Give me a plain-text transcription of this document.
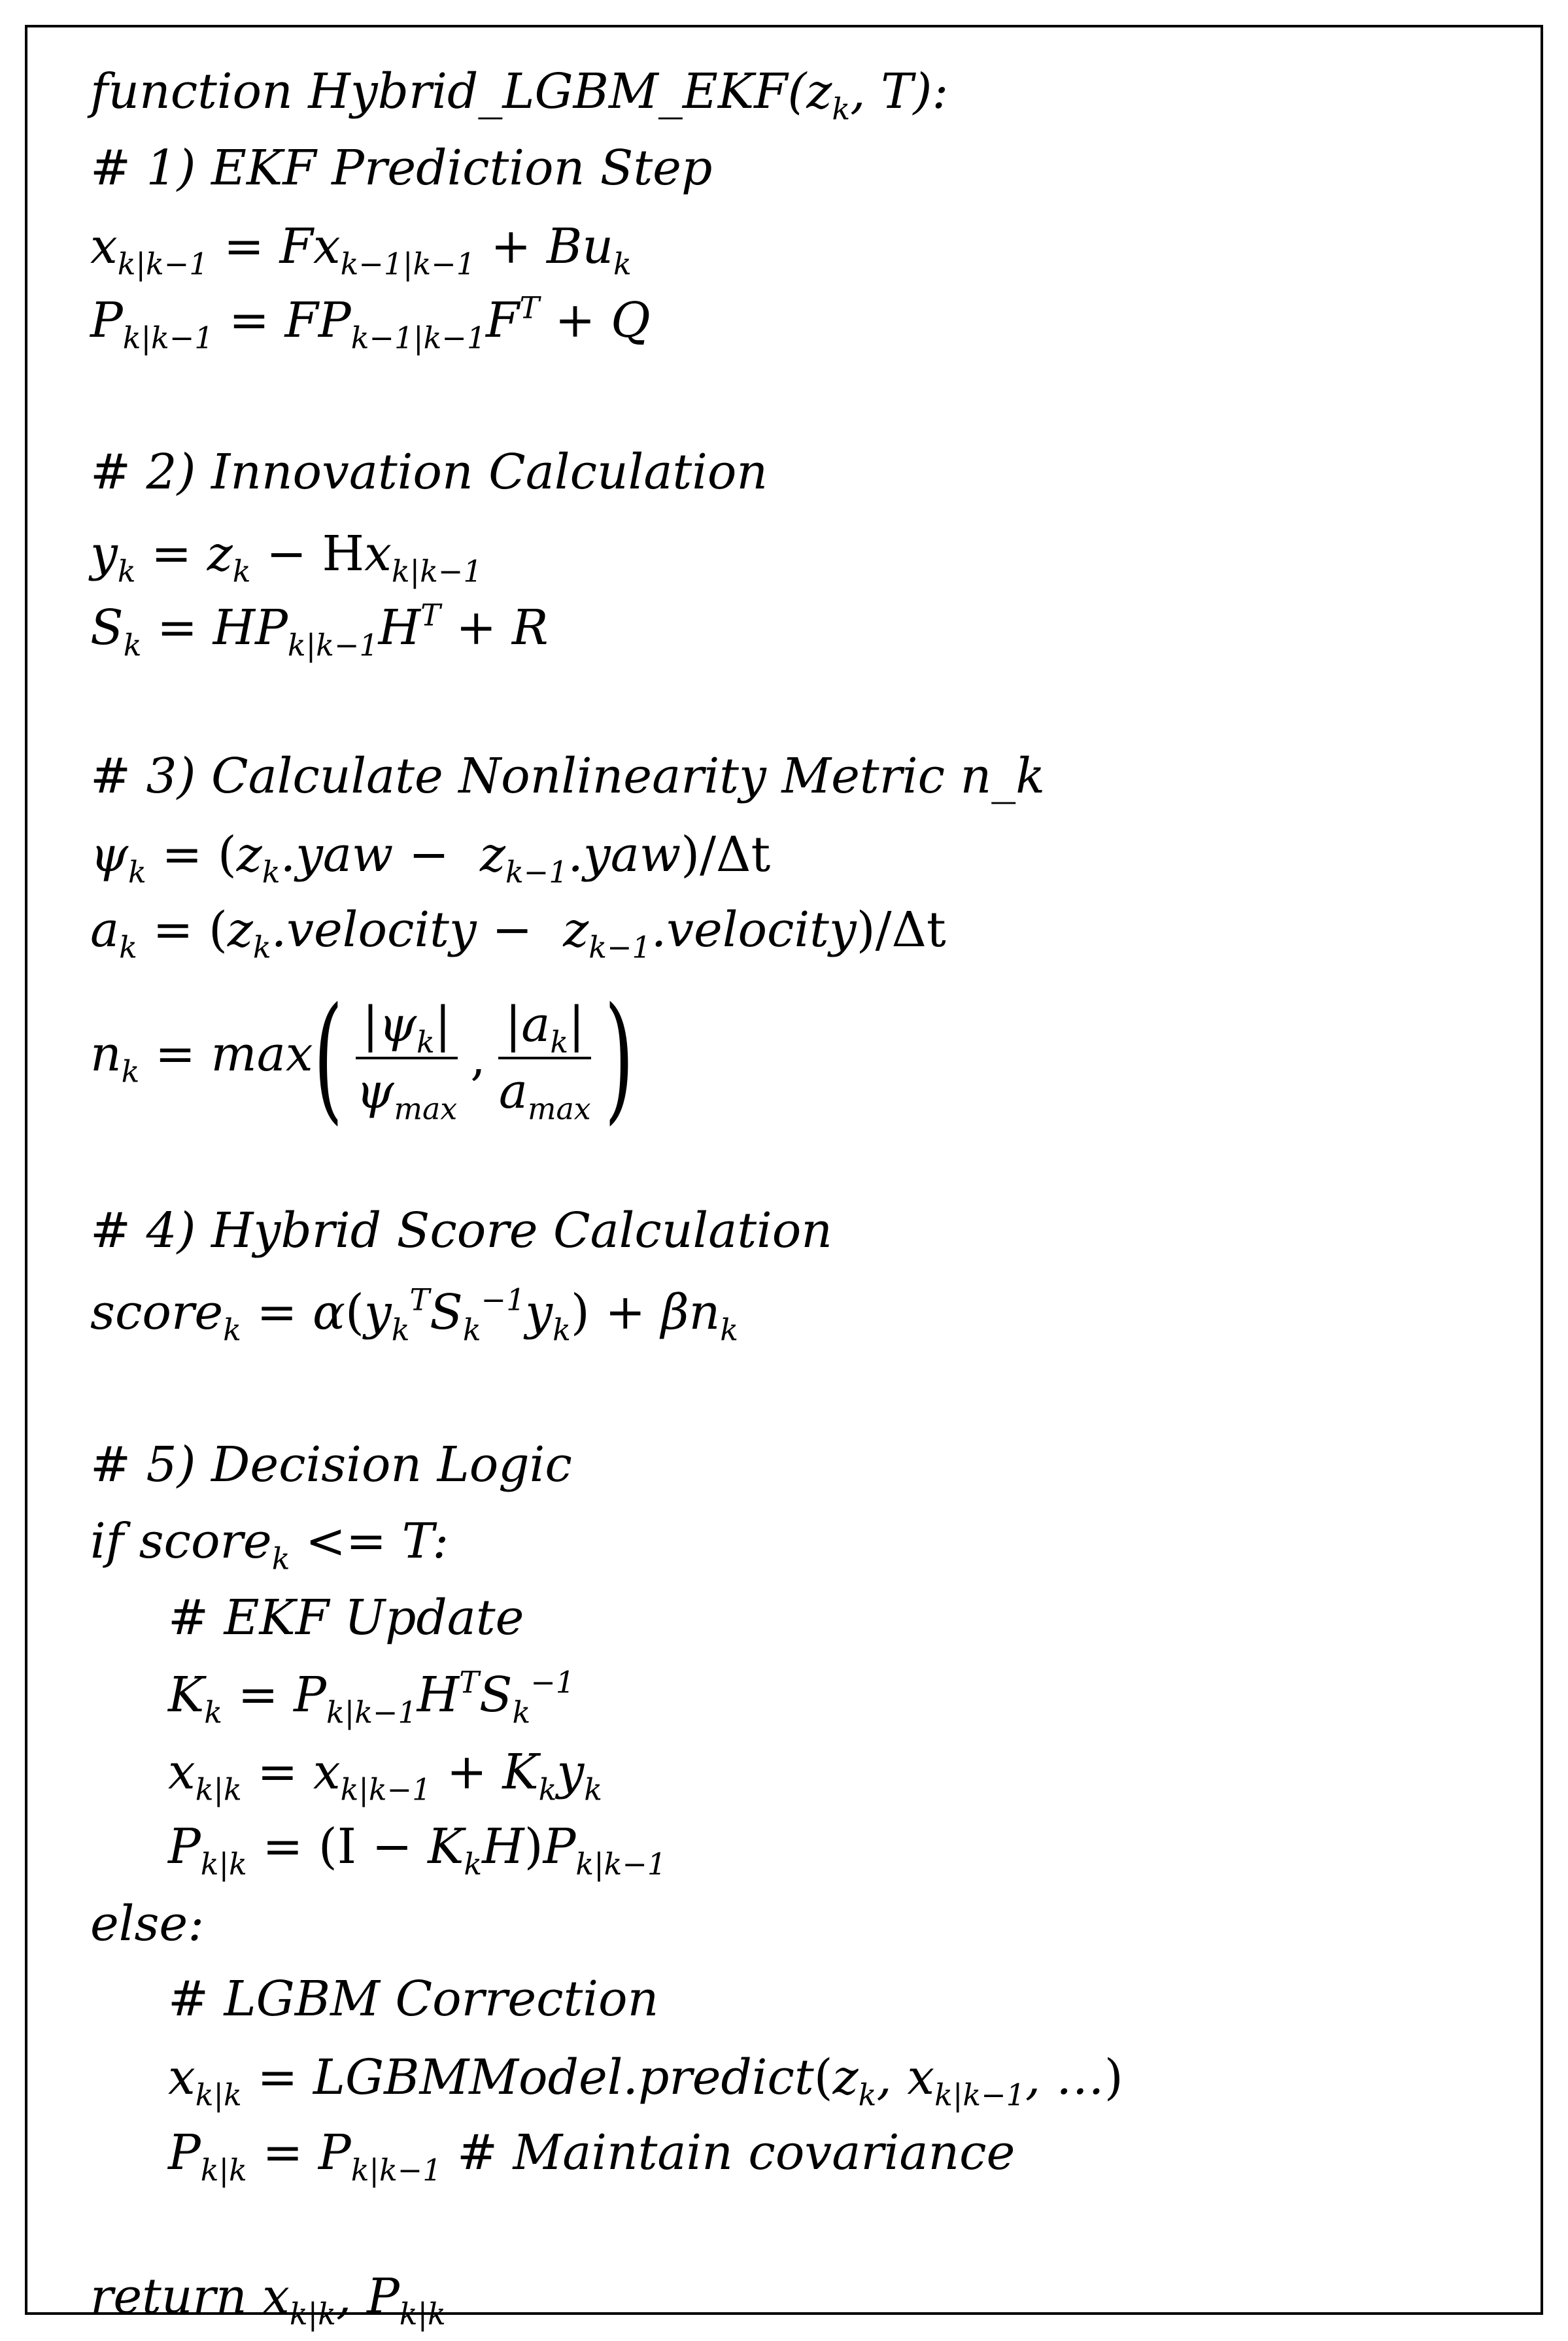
function $Hybrid\_LGBM\_EKF(z_k$, T):
# 1) EKF Prediction Step
$x_{k|k-1} = Fx_{k-1|k-1} + Bu_k$
$P_{k|k-1} = FP_{k-1|k-1}F^T + Q$
# 2) Innovation Calculation
$y_k = z_k - Hx_{k|k-1}$
$S_k = HP_{k|k-1}H^T + R$
# 3) Calculate Nonlinearity Metric n_k
$\psi_k = (z_k.yaw - z_{k-1}.yaw)/\Delta t$
$a_k$ = ($z_k.velocity$ −  $z_{k-1}.velocity)/\Delta t$
$n_k = \max$ ( $\frac{|\psi_k|}{\psi_{max}}$ , $\frac{|a_k|}{a_{max}}$ )
# 4) Hybrid Score Calculation
score$_k$ = $\alpha(y_k^TS_k^{-1}y_k) + \beta n_k$
# 5) Decision Logic
if score$_k$ <= T:
# EKF Update
$K_k = P_{k|k-1}H^TS_k^{-1}$
$x_{k|k} = x_{k|k-1} + K_ky_k$
$P_{k|k} = (I - K_kH)P_{k|k-1}$
else:
# LGBM Correction
$x_{k|k}$ = $LGBMModel.predict(z_k$, $x_{k|k-1}$, …)
$P_{k|k} = P_{k|k-1}$ # Maintain covariance
return $x_{k|k}$, $P_{k|k}$
